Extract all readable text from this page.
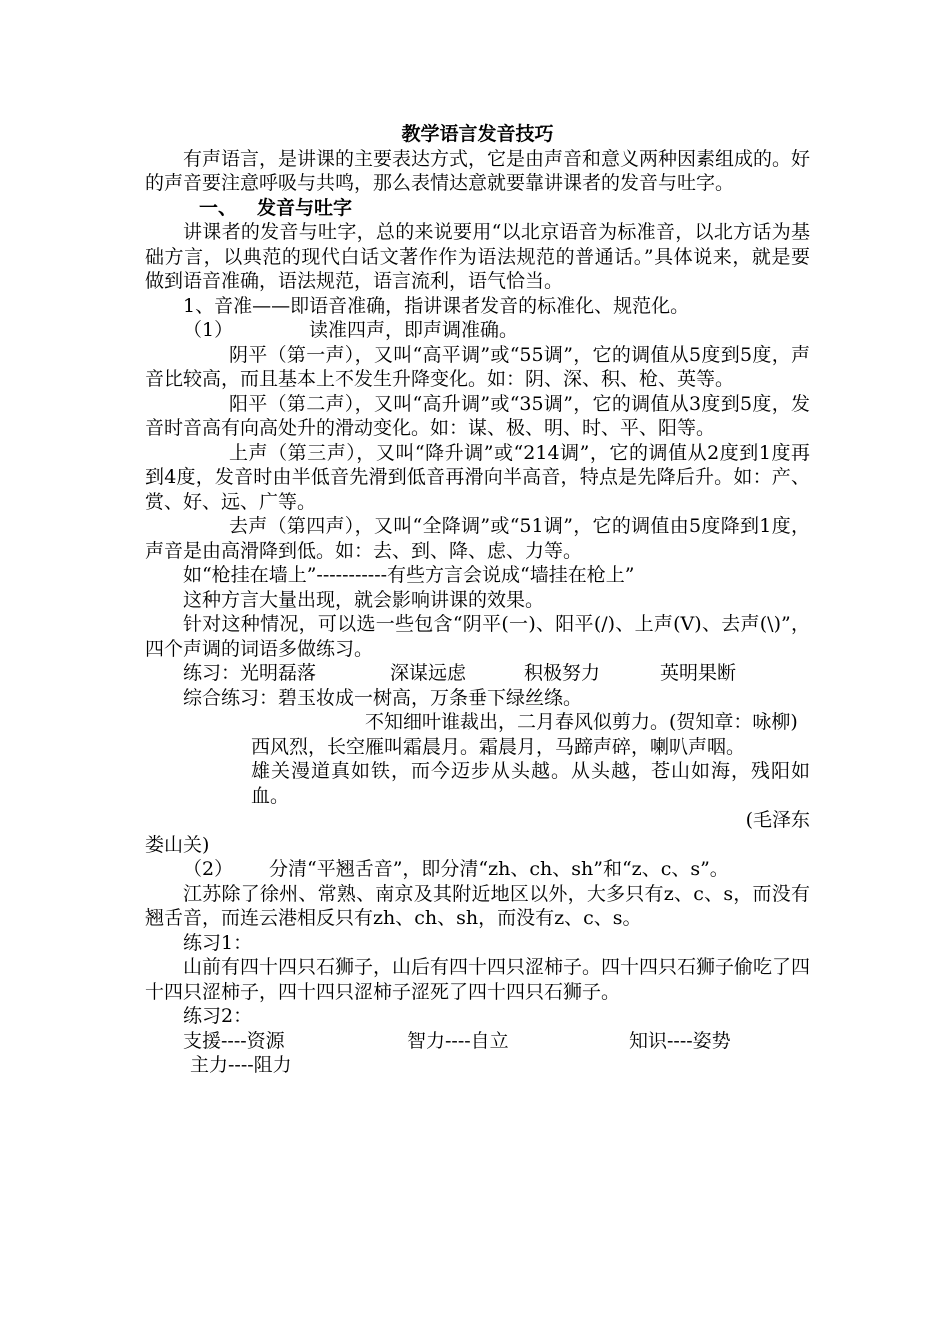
教学语言发音技巧

有声语言，是讲课的主要表达方式，它是由声音和意义两种因素组成的。好的声音要注意呼吸与共鸣，那么表情达意就要靠讲课者的发音与吐字。

一、 发音与吐字

讲课者的发音与吐字，总的来说要用“以北京语音为标准音，以北方话为基础方言，以典范的现代白话文著作作为语法规范的普通话。”具体说来，就是要做到语音准确，语法规范，语言流利，语气恰当。

1、音准——即语音准确，指讲课者发音的标准化、规范化。

（1）	读准四声，即声调准确。

阴平（第一声），又叫“高平调”或“55调”，它的调值从5度到5度，声音比较高，而且基本上不发生升降变化。如：阴、深、积、枪、英等。

阳平（第二声），又叫“高升调”或“35调”，它的调值从3度到5度，发音时音高有向高处升的滑动变化。如：谋、极、明、时、平、阳等。

上声（第三声），又叫“降升调”或“214调”，它的调值从2度到1度再到4度，发音时由半低音先滑到低音再滑向半高音，特点是先降后升。如：产、赏、好、远、广等。

去声（第四声），又叫“全降调”或“51调”，它的调值由5度降到1度，声音是由高滑降到低。如：去、到、降、虑、力等。

如“枪挂在墙上”-----------有些方言会说成“墙挂在枪上”

这种方言大量出现，就会影响讲课的效果。

针对这种情况，可以选一些包含“阴平(一)、阳平(/)、上声(V)、去声(\)”，四个声调的词语多做练习。

练习：光明磊落	深谋远虑	积极努力	英明果断

综合练习：碧玉妆成一树高，万条垂下绿丝绦。

不知细叶谁裁出，二月春风似剪力。(贺知章：咏柳)

西风烈，长空雁叫霜晨月。霜晨月，马蹄声碎，喇叭声咽。

雄关漫道真如铁，而今迈步从头越。从头越，苍山如海，残阳如血。

(毛泽东

娄山关)

（2） 分清“平翘舌音”，即分清“zh、ch、sh”和“z、c、s”。

江苏除了徐州、常熟、南京及其附近地区以外，大多只有z、c、s，而没有翘舌音，而连云港相反只有zh、ch、sh，而没有z、c、s。

练习1：

山前有四十四只石狮子，山后有四十四只涩柿子。四十四只石狮子偷吃了四十四只涩柿子，四十四只涩柿子涩死了四十四只石狮子。

练习2：

支援----资源	智力----自立	知识----姿势

主力----阻力
